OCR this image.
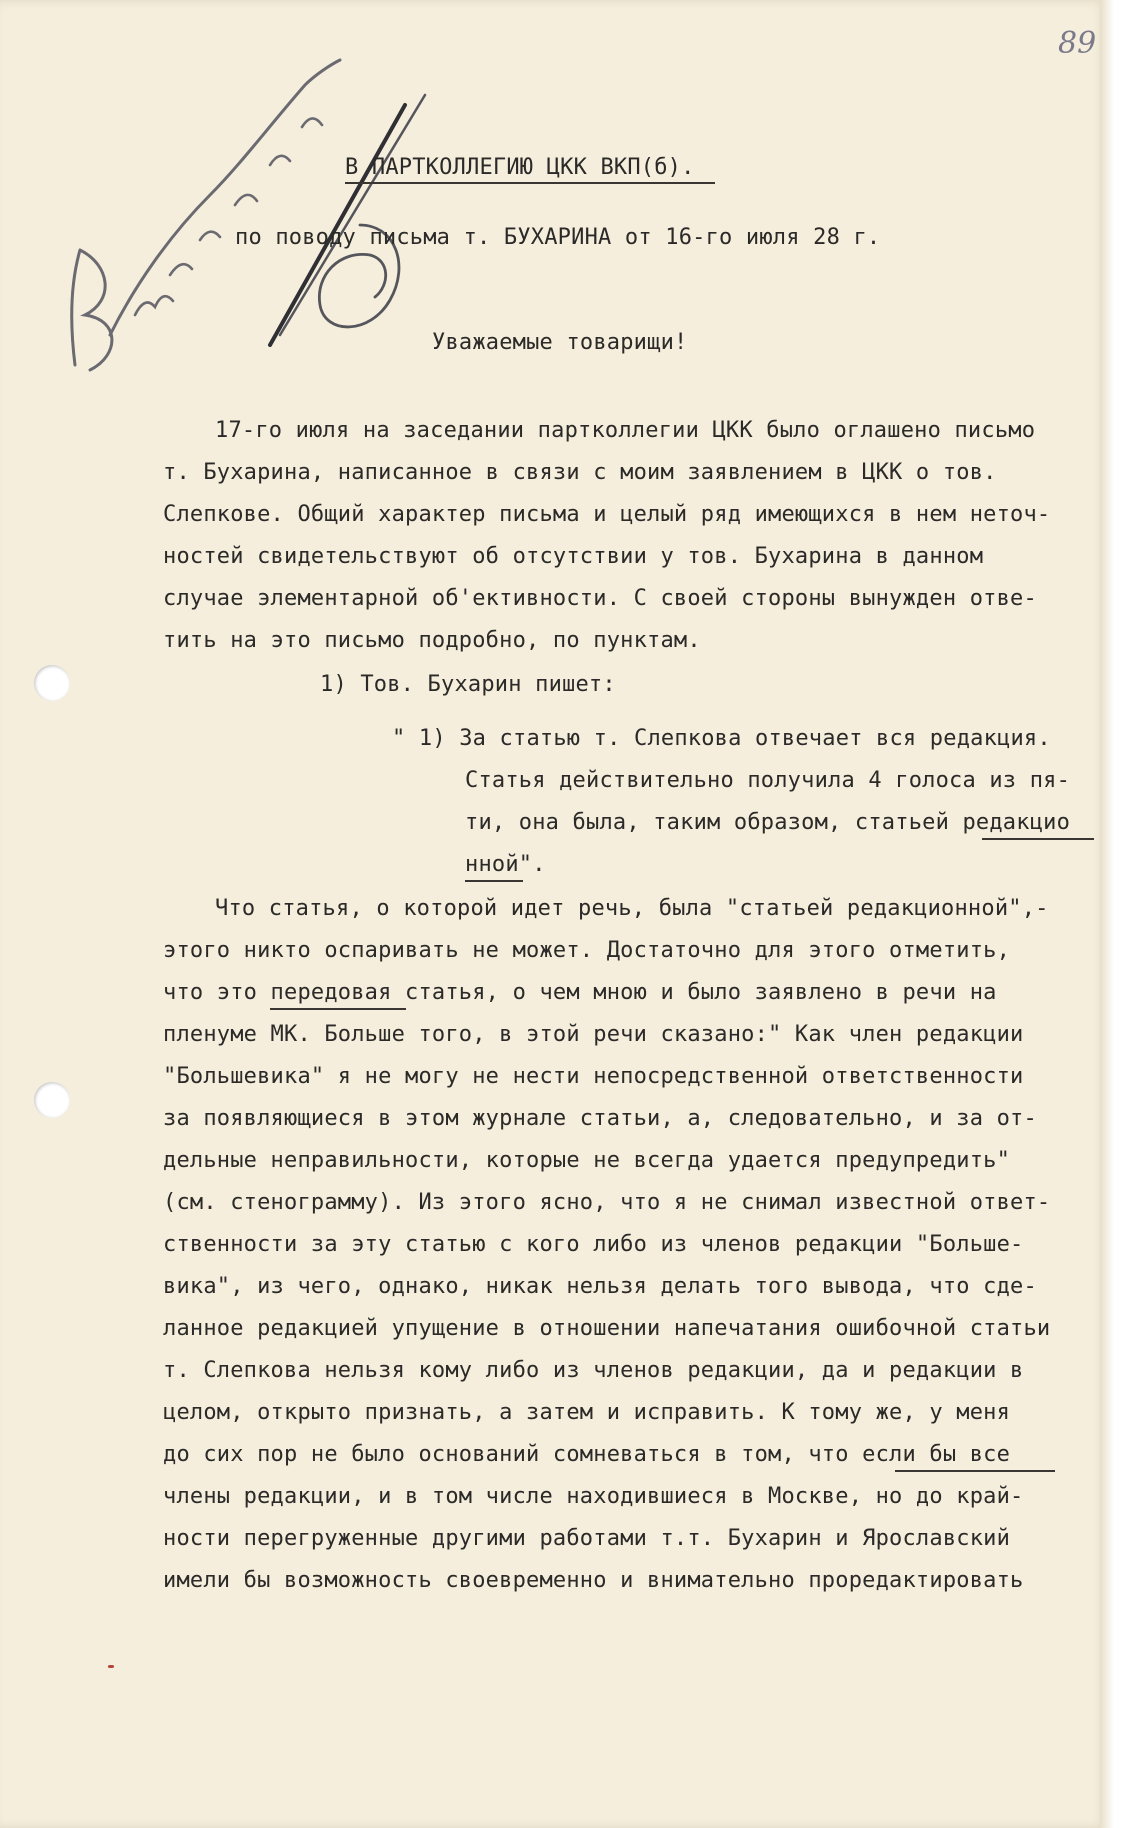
89
В ПАРТКОЛЛЕГИЮ ЦКК ВКП(б).
по поводу письма т. БУХАРИНА от 16-го июля 28 г.
Уважаемые товарищи!
17-го июля на заседании партколлегии ЦКК было оглашено письмо
т. Бухарина, написанное в связи с моим заявлением в ЦКК о тов.
Слепкове. Общий характер письма и целый ряд имеющихся в нем неточ-
ностей свидетельствуют об отсутствии у тов. Бухарина в данном
случае элементарной об'ективности. С своей стороны вынужден отве-
тить на это письмо подробно, по пунктам.
1) Тов. Бухарин пишет:
" 1) За статью т. Слепкова отвечает вся редакция.
Статья действительно получила 4 голоса из пя-
ти, она была, таким образом, статьей редакцио
нной".
Что статья, о которой идет речь, была "статьей редакционной",-
этого никто оспаривать не может. Достаточно для этого отметить,
что это передовая статья, о чем мною и было заявлено в речи на
пленуме МК. Больше того, в этой речи сказано:" Как член редакции
"Большевика" я не могу не нести непосредственной ответственности
за появляющиеся в этом журнале статьи, а, следовательно, и за от-
дельные неправильности, которые не всегда удается предупредить"
(см. стенограмму). Из этого ясно, что я не снимал известной ответ-
ственности за эту статью с кого либо из членов редакции "Больше-
вика", из чего, однако, никак нельзя делать того вывода, что сде-
ланное редакцией упущение в отношении напечатания ошибочной статьи
т. Слепкова нельзя кому либо из членов редакции, да и редакции в
целом, открыто признать, а затем и исправить. К тому же, у меня
до сих пор не было оснований сомневаться в том, что если бы все
члены редакции, и в том числе находившиеся в Москве, но до край-
ности перегруженные другими работами т.т. Бухарин и Ярославский
имели бы возможность своевременно и внимательно проредактировать
